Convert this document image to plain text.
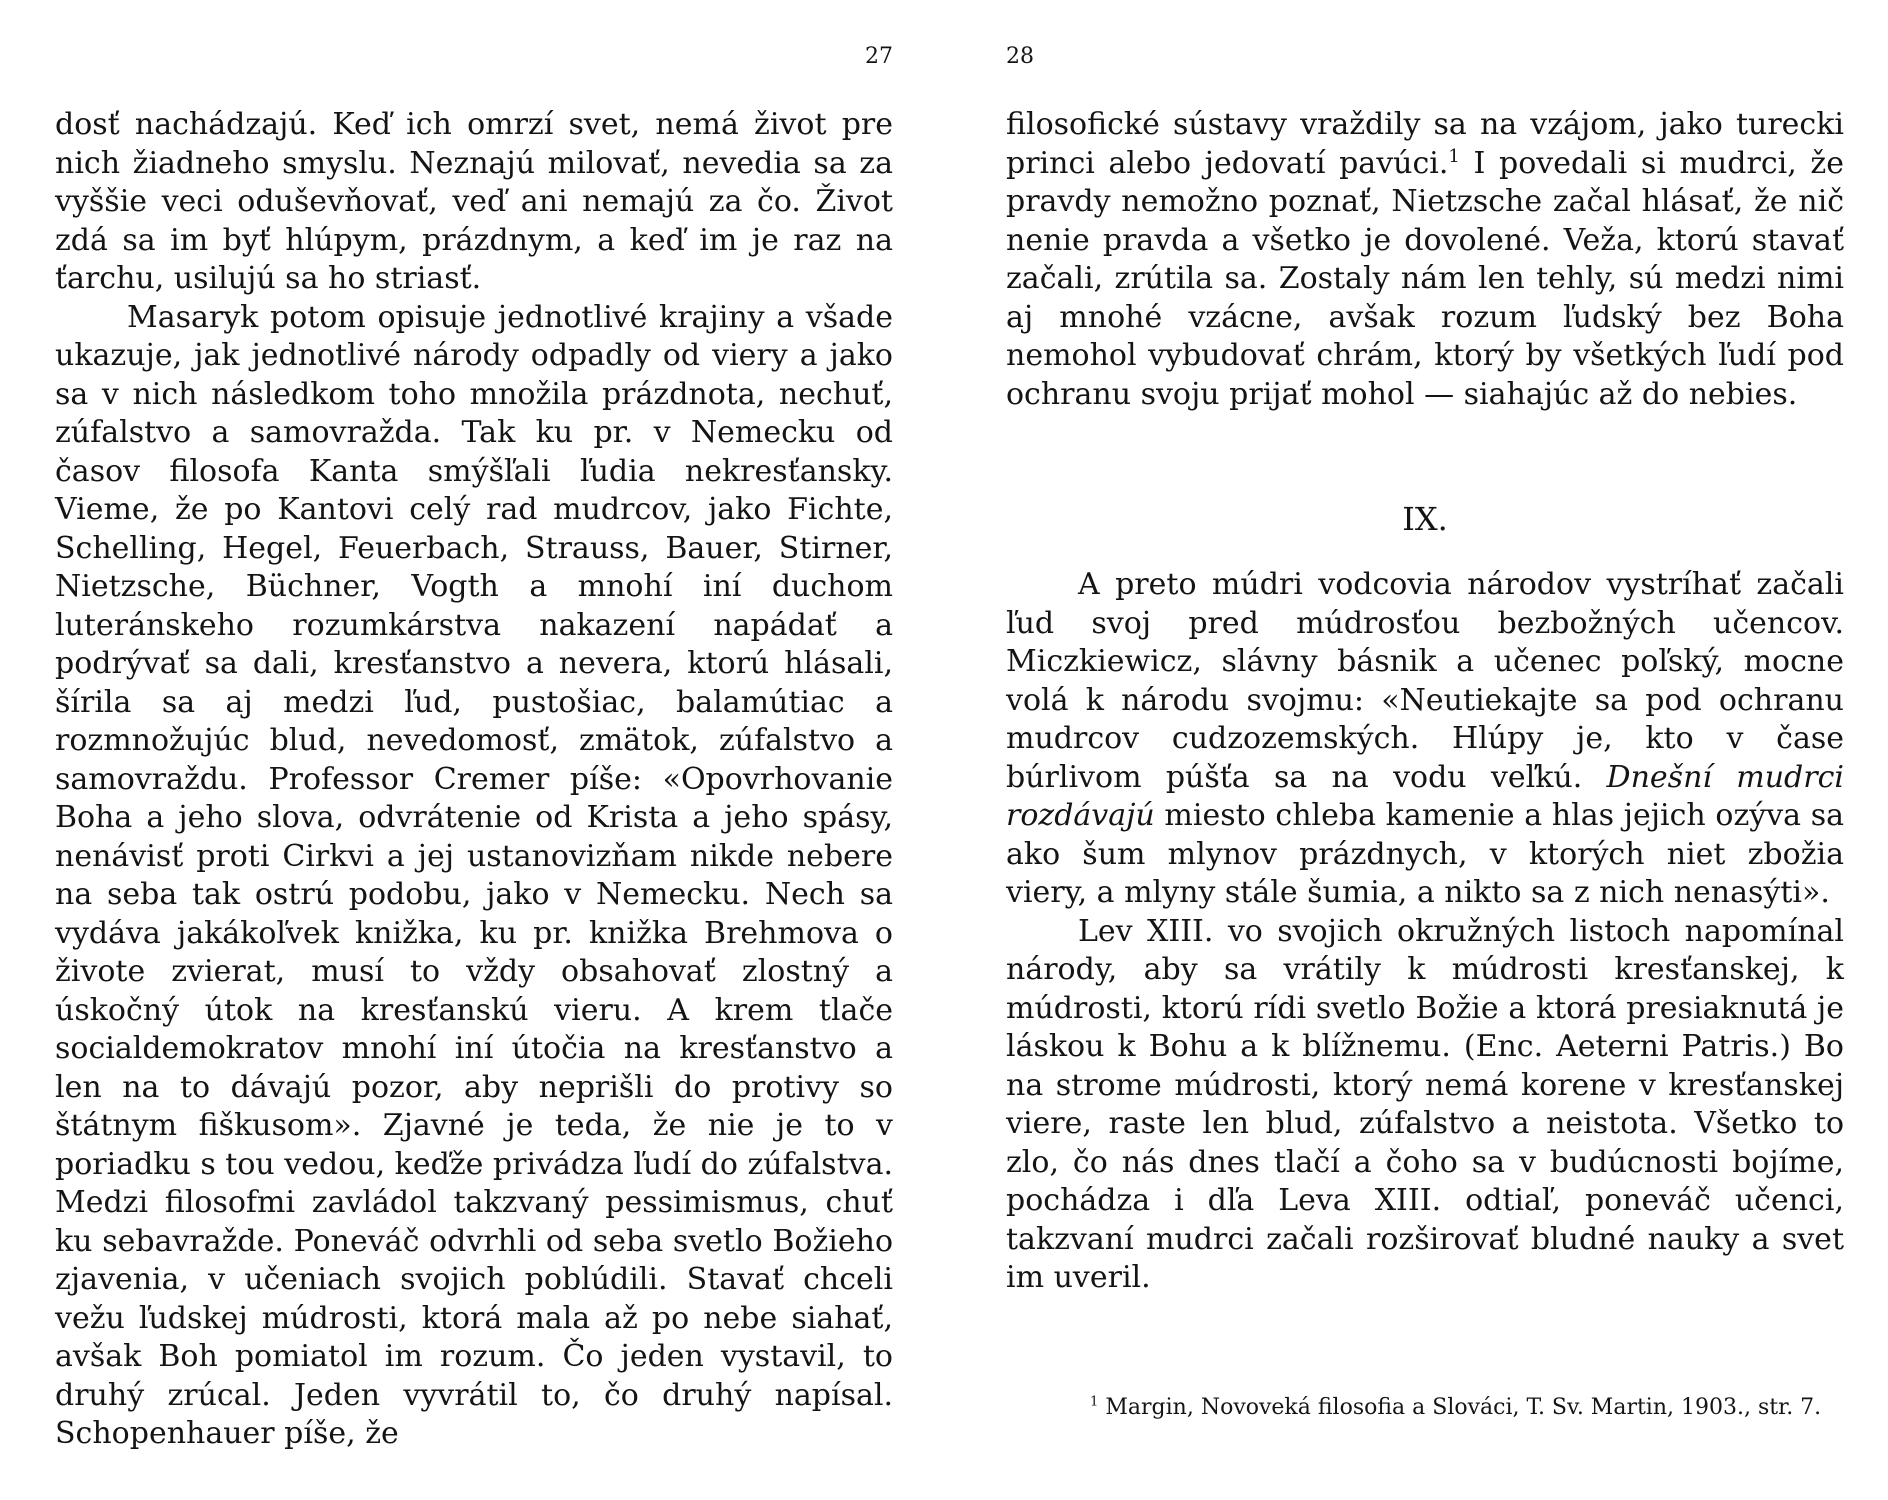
27

dosť nachádzajú. Keď ich omrzí svet, nemá život pre nich žiadneho smyslu. Neznajú milovať, nevedia sa za vyššie veci oduševňovať, veď ani nemajú za čo. Život zdá sa im byť hlúpym, prázdnym, a keď im je raz na ťarchu, usilujú sa ho striasť.

Masaryk potom opisuje jednotlivé krajiny a všade ukazuje, jak jednotlivé národy odpadly od viery a jako sa v nich následkom toho množila prázdnota, nechuť, zúfalstvo a samovražda. Tak ku pr. v Nemecku od časov filosofa Kanta smýšľali ľudia nekresťansky. Vieme, že po Kantovi celý rad mudrcov, jako Fichte, Schelling, Hegel, Feuerbach, Strauss, Bauer, Stirner, Nietzsche, Büchner, Vogth a mnohí iní duchom luteránskeho rozumkárstva nakazení napádať a podrývať sa dali, kresťanstvo a nevera, ktorú hlásali, šírila sa aj medzi ľud, pustošiac, balamútiac a rozmnožujúc blud, nevedomosť, zmätok, zúfalstvo a samovraždu. Professor Cremer píše: «Opovrhovanie Boha a jeho slova, odvrátenie od Krista a jeho spásy, nenávisť proti Cirkvi a jej ustanovizňam nikde nebere na seba tak ostrú podobu, jako v Nemecku. Nech sa vydáva jakákoľvek knižka, ku pr. knižka Brehmova o živote zvierat, musí to vždy obsahovať zlostný a úskočný útok na kresťanskú vieru. A krem tlače socialdemokratov mnohí iní útočia na kresťanstvo a len na to dávajú pozor, aby neprišli do protivy so štátnym fiškusom». Zjavné je teda, že nie je to v poriadku s tou vedou, keďže privádza ľudí do zúfalstva. Medzi filosofmi zavládol takzvaný pessimismus, chuť ku sebavražde. Poneváč odvrhli od seba svetlo Božieho zjavenia, v učeniach svojich poblúdili. Stavať chceli vežu ľudskej múdrosti, ktorá mala až po nebe siahať, avšak Boh pomiatol im rozum. Čo jeden vystavil, to druhý zrúcal. Jeden vyvrátil to, čo druhý napísal. Schopenhauer píše, že

28

filosofické sústavy vraždily sa na vzájom, jako turecki princi alebo jedovatí pavúci.$^1$ I povedali si mudrci, že pravdy nemožno poznať, Nietzsche začal hlásať, že nič nenie pravda a všetko je dovolené. Veža, ktorú stavať začali, zrútila sa. Zostaly nám len tehly, sú medzi nimi aj mnohé vzácne, avšak rozum ľudský bez Boha nemohol vybudovať chrám, ktorý by všetkých ľudí pod ochranu svoju prijať mohol — siahajúc až do nebies.

IX.

A preto múdri vodcovia národov vystríhať začali ľud svoj pred múdrosťou bezbožných učencov. Miczkiewicz, slávny básnik a učenec poľský, mocne volá k národu svojmu: «Neutiekajte sa pod ochranu mudrcov cudzozemských. Hlúpy je, kto v čase búrlivom púšťa sa na vodu veľkú. Dnešní mudrci rozdávajú miesto chleba kamenie a hlas jejich ozýva sa ako šum mlynov prázdnych, v ktorých niet zbožia viery, a mlyny stále šumia, a nikto sa z nich nenasýti».

Lev XIII. vo svojich okružných listoch napomínal národy, aby sa vrátily k múdrosti kresťanskej, k múdrosti, ktorú rídi svetlo Božie a ktorá presiaknutá je láskou k Bohu a k blížnemu. (Enc. Aeterni Patris.) Bo na strome múdrosti, ktorý nemá korene v kresťanskej viere, raste len blud, zúfalstvo a neistota. Všetko to zlo, čo nás dnes tlačí a čoho sa v budúcnosti bojíme, pochádza i dľa Leva XIII. odtiaľ, poneváč učenci, takzvaní mudrci začali rozširovať bludné nauky a svet im uveril.

$^1$ Margin, Novoveká filosofia a Slováci, T. Sv. Martin, 1903., str. 7.
